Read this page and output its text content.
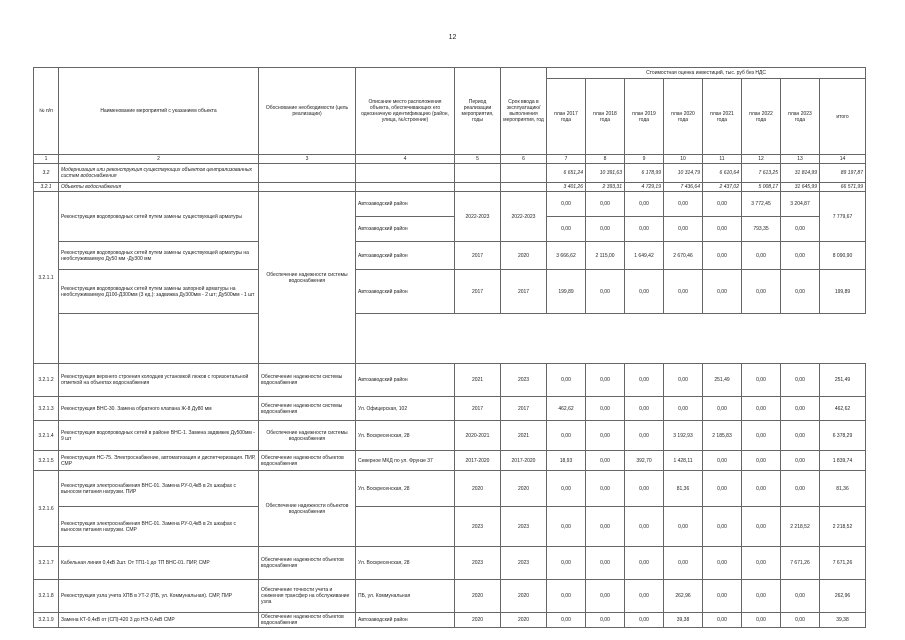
12
№ п/п	Наименование мероприятий с указанием объекта	Обоснование необходимости (цель реализации)	Описание место расположения объекта, обеспечивающих его однозначную идентификацию (район, улица, №/строение)	Период реализации мероприятия, годы	Срок ввода в эксплуатацию/ выполнения мероприятия, год	Стоимостная оценка инвестиций, тыс. руб без НДС							
						план 2017 года	план 2018 года	план 2019 года	план 2020 года	план 2021 года	план 2022 года	план 2023 года	итого
1	2	3	4	5	6	7	8	9	10	11	12	13	14
3.2	Модернизация или реконструкция существующих объектов централизованных систем водоснабжения					6 651,24	10 391,63	6 178,99	10 314,79	6 610,64	7 613,25	31 814,99	89 197,87
3.2.1	Объекты водоснабжения					3 401,26	2 393,31	4 729,19	7 436,64	2 437,02	5 008,17	31 645,99	66 571,99
3.2.1.1	Реконструкция водопроводных сетей путем замены существующей арматуры	Обеспечение надежности системы водоснабжения	Автозаводский район	2022-2023	2022-2023	0,00	0,00	0,00	0,00	0,00	3 772,45	3 204,87	7 779,67
			Автозаводский район			0,00	0,00	0,00	0,00	0,00	793,35	0,00	
	Реконструкция водопроводных сетей путем замены существующей арматуры на необслуживаемую Ду50 мм -Ду300 мм		Автозаводский район	2017	2020	3 666,62	2 115,00	1 649,42	2 670,46	0,00	0,00	0,00	8 090,90
	Реконструкция водопроводных сетей путем замены запорной арматуры на необслуживаемую Д100-Д300мм (3 ед.): задвижка Ду300мм - 2 шт; Ду500мм - 1 шт		Автозаводский район	2017	2017	199,89	0,00	0,00	0,00	0,00	0,00	0,00	199,89

3.2.1.2	Реконструкция верхнего строения колодцев установкой люков с горизонтальной отметкой на объектах водоснабжения	Обеспечение надежности системы водоснабжения	Автозаводский район	2021	2023	0,00	0,00	0,00	0,00	251,49	0,00	0,00	251,49
3.2.1.3	Реконструкция ВНС-30. Замена обратного клапана Ж-8 Ду80 мм	Обеспечение надежности системы водоснабжения	Ул. Офицерская, 102	2017	2017	462,62	0,00	0,00	0,00	0,00	0,00	0,00	462,62
3.2.1.4	Реконструкция водопроводных сетей в районе ВНС-1. Замена задвижек Ду500мм - 9 шт	Обеспечение надежности системы водоснабжения	Ул. Воскресенская, 28	2020-2021	2021	0,00	0,00	0,00	3 192,93	2 185,83	0,00	0,00	6 378,29
3.2.1.5	Реконструкция НС-75. Электроснабжение, автоматизация и диспетчеризация. ПИР, СМР	Обеспечение надежности объектов водоснабжения	Северное МКД по ул. Фрунзе 37	2017-2020	2017-2020	18,93	0,00	392,70	1 428,11	0,00	0,00	0,00	1 839,74
3.2.1.6	Реконструкция электроснабжения ВНС-01. Замена РУ-0,4кВ в 2х шкафах с выносом питания нагрузки. ПИР	Обеспечение надежности объектов водоснабжения	Ул. Воскресенская, 28	2020	2020	0,00	0,00	0,00	81,36	0,00	0,00	0,00	81,36
	Реконструкция электроснабжения ВНС-01. Замена РУ-0,4кВ в 2х шкафах с выносом питания нагрузки. СМР			2023	2023	0,00	0,00	0,00	0,00	0,00	0,00	2 218,52	2 218,52
3.2.1.7	Кабельная линия 0,4кВ 2шт. От ТП1-1 до ТП ВНС-01. ПИР, СМР	Обеспечение надежности объектов водоснабжения	Ул. Воскресенская, 28	2023	2023	0,00	0,00	0,00	0,00	0,00	0,00	7 671,26	7 671,26
3.2.1.8	Реконструкция узла учета ХПВ в УТ-2 (ПБ, ул. Коммунальная). СМР, ПИР	Обеспечение точности учета и снижения трансфер на обслуживание узла	ПБ, ул. Коммунальная	2020	2020	0,00	0,00	0,00	262,96	0,00	0,00	0,00	262,96
3.2.1.9	Замена КТ-0,4кВ от (СП)-420 3 до НЭ-0,4кВ СМР	Обеспечение надежности объектов водоснабжения	Автозаводский район	2020	2020	0,00	0,00	0,00	39,38	0,00	0,00	0,00	39,38
